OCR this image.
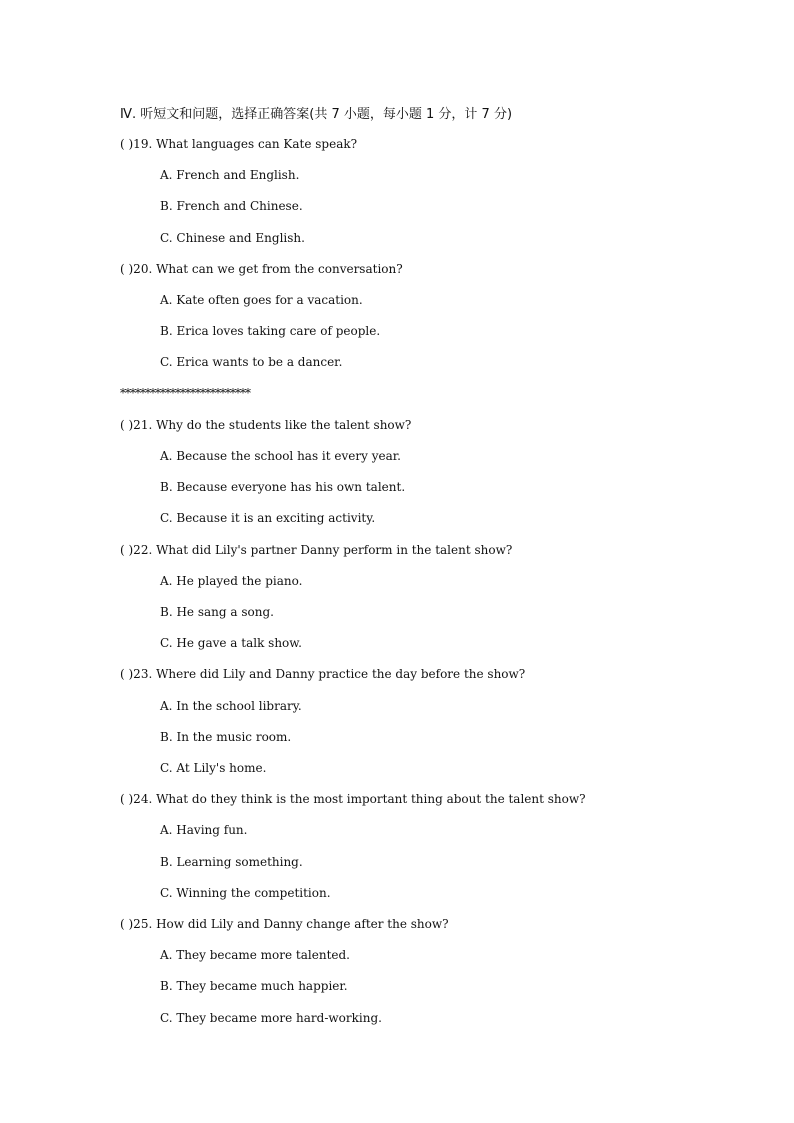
Ⅳ. 听短文和问题，选择正确答案(共 7 小题，每小题 1 分，计 7 分)
( )19. What languages can Kate speak?
A. French and English.
B. French and Chinese.
C. Chinese and English.
( )20. What can we get from the conversation?
A. Kate often goes for a vacation.
B. Erica loves taking care of people.
C. Erica wants to be a dancer.
**************************
( )21. Why do the students like the talent show?
A. Because the school has it every year.
B. Because everyone has his own talent.
C. Because it is an exciting activity.
( )22. What did Lily's partner Danny perform in the talent show?
A. He played the piano.
B. He sang a song.
C. He gave a talk show.
( )23. Where did Lily and Danny practice the day before the show?
A. In the school library.
B. In the music room.
C. At Lily's home.
( )24. What do they think is the most important thing about the talent show?
A. Having fun.
B. Learning something.
C. Winning the competition.
( )25. How did Lily and Danny change after the show?
A. They became more talented.
B. They became much happier.
C. They became more hard-working.
